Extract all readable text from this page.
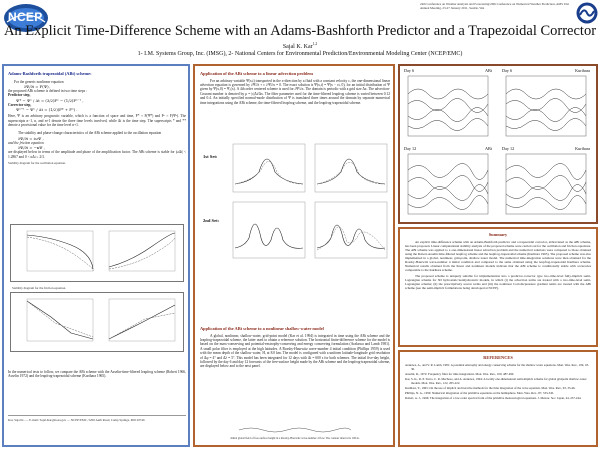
NCEP
24th Conference on Weather Analysis and Forecasting/20th Conference on Numerical Weather Prediction, AMS 91st Annual Meeting, 23-27 January 2011, Seattle, WA
An Explicit Time-Difference Scheme with an Adams-Bashforth Predictor and a Trapezoidal Corrector
Sajal K. Kar$^{1,2}$
1- I.M. Systems Group, Inc. (IMSG), 2- National Centers for Environmental Prediction/Environmental Modeling Center (NCEP/EMC)
Adams-Bashforth trapezoidal (ABt) scheme:
For the generic nonlinear equation
∂Ψ/∂t = F(Ψ),
the proposed ABt scheme is defined in two time steps :
Predictor step,
Ψ* − Ψⁿ / Δt = (3/2)Fⁿ − (1/2)Fⁿ⁻¹ ,
Corrector step,
Ψⁿ⁺¹ − Ψⁿ / Δt = (1/2)(F* + Fⁿ) .
Here, Ψ is an arbitrary prognostic variable, which is a function of space and time, F* ≡ F(Ψ*) and Fⁿ ≡ F(Ψⁿ). The superscripts n−1, n, and n+1 denote the three time levels involved, while Δt is the time step. The superscripts * and ** denote a provisional value for the time level n+1.
The stability and phase-change characteristics of the ABt scheme applied to the oscillation equation
∂Ψ/∂t = iωΨ ,
and the friction equation
∂Ψ/∂t = −κΨ ,
are displayed below in terms of the amplitude and phase of the amplification factor. The ABt scheme is stable for |ωΔt| < 1.2867 and 0 < κΔt ≤ 2/3.
Stability diagram for the oscillation equation.
Stability diagram for the friction equation.
In the numerical tests to follow, we compare the ABt scheme with the Asselin-time-filtered leapfrog scheme (Robert 1966, Asselin 1972) and the leapfrog-trapezoidal scheme (Kurihara 1965).
Kar, Sajal K. — E-mail: Sajal.Kar@noaa.gov — NCEP/EMC, 5200 Auth Road, Camp Springs, MD 20746
Application of the ABt scheme to a linear advection problem
For an arbitrary variable Ψ(x,t) transported in the x-direction by a fluid with a constant velocity c, the one-dimensional linear advection equation is governed by ∂Ψ/∂t + c ∂Ψ/∂x = 0. The exact solution is Ψ(x,t) = Ψ(x − ct, 0), for an initial distribution of Ψ given by Ψ(x,0) = Ψ₀(x). A 4th order centered scheme is used for ∂Ψ/∂x. The domain is periodic with a grid size Δx. The advection-Courant number is denoted by μ = |c|Δt/Δx. The filter parameter used for the time-filtered leapfrog scheme is varied between 0.12 and 0.4. An initially specified normal-mode distribution of Ψ is translated three times around the domain by separate numerical time integrations using the ABt scheme, the time-filtered leapfrog scheme, and the leapfrog-trapezoidal scheme.
1st Set:
2nd Set:
Application of the ABt scheme to a nonlinear shallow-water model
A global, nonlinear, shallow-water, grid-point model (Kar et al. 1994) is integrated in time using the ABt scheme and the leapfrog-trapezoidal scheme, the latter used to obtain a reference solution. The horizontal finite-difference scheme for the model is based on the mass-conserving and potential-enstrophy-conserving and energy conserving formulation (Arakawa and Lamb 1981). A small polar filter is employed at the high latitudes. A Rossby-Haurwitz wave-number 4 initial condition (Phillips 1959) is used with the mean depth of the shallow water, H, at 8.0 km. The model is configured with a uniform latitude-longitude grid resolution of Δφ = 4° and Δλ = 5°. This model has been integrated for 12 days with Δt = 600 s for both schemes. The initial five-day height, followed by the day 6 and day 12 forecasts of the free-surface height made by the ABt scheme and the leapfrog-trapezoidal scheme, are displayed below and to the next panel.
Initial global field of free-surface height in a Rossby-Haurwitz wave-number 4 flow. The contour interval is 100 m.
Day 6	ABt Day 6	Kurihara
Day 12	ABt Day 12	Kurihara
Summary
An explicit time-difference scheme with an Adams-Bashforth predictor and a trapezoidal corrector, abbreviated as the ABt scheme, has been proposed. Linear computational stability analysis of the proposed scheme were carried out for the oscillation and friction equations. The ABt scheme was applied to a one-dimensional linear advection problem and the numerical solutions were compared to those obtained using the Robert-Asselin time-filtered leapfrog scheme and the leapfrog-trapezoidal scheme (Kurihara 1965). The proposed scheme was also implemented in a global, nonlinear, grid-point, shallow-water model. The numerical time-integration solutions were then obtained for the Rossby-Haurwitz wave-number 4 initial condition and compared to the same obtained using the leapfrog-trapezoidal Kurihara scheme. Numerical results obtained from the linear and nonlinear models indicate that the ABt scheme is conditionally stable with accuracies comparable to the Kurihara scheme.
The proposed scheme is uniquely suitable for implementation into a predictor-corrector type two-time-level fully-implicit semi-Lagrangian scheme for 3D hydrostatic/nonhydrostatic models, in which (i) the advection terms are treated with a two-time-level semi-Lagrangian scheme; (ii) the prescriptively source terms and (iii) the nonlinear Coriolis/pressure gradient terms are treated with the ABt scheme (see the semi-implicit formulations being developed at NCEP).
REFERENCES
Arakawa, A., and V. R. Lamb, 1981: A potential enstrophy and energy conserving scheme for the shallow water equations. Mon. Wea. Rev., 109, 18-36.
Asselin, R., 1972: Frequency filter for time integrations. Mon. Wea. Rev., 100, 487-490.
Kar, S. K., R. P. Turco, C. R. Mechoso, and A. Arakawa, 1994: A locally one-dimensional semi-implicit scheme for global gridpoint shallow-water models. Mon. Wea. Rev., 122, 205-222.
Kurihara, Y., 1965: On the use of implicit and iterative methods for the time integration of the wave equation. Mon. Wea. Rev., 93, 33-46.
Phillips, N. A., 1959: Numerical integration of the primitive equations on the hemisphere. Mon. Wea. Rev., 87, 333-345.
Robert, A. J., 1966: The integration of a low order spectral form of the primitive meteorological equations. J. Meteor. Soc. Japan, 44, 237-244.
